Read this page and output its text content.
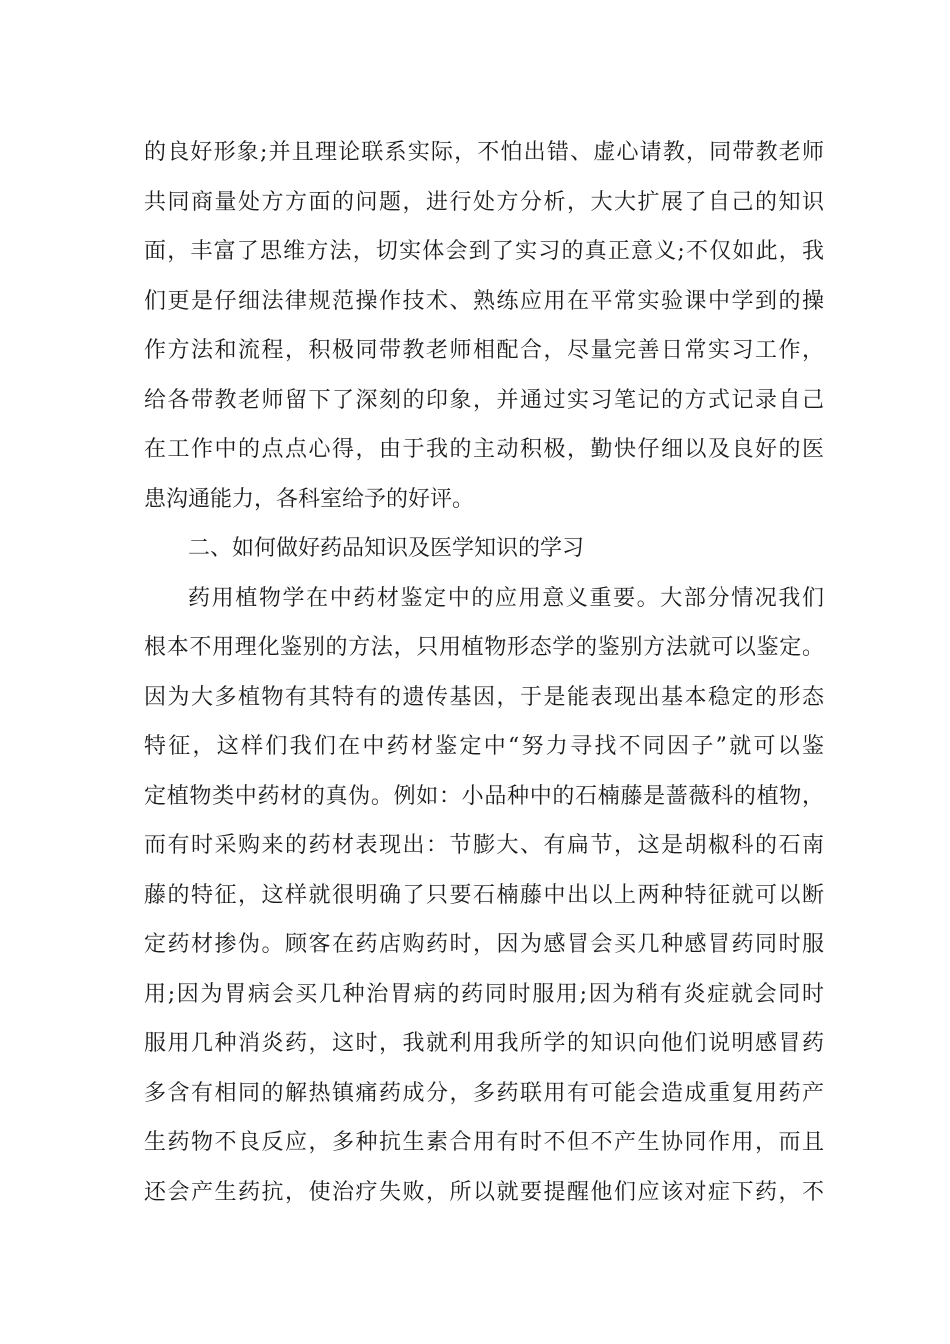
的良好形象;并且理论联系实际，不怕出错、虚心请教，同带教老师
共同商量处方方面的问题，进行处方分析，大大扩展了自己的知识
面，丰富了思维方法，切实体会到了实习的真正意义;不仅如此，我
们更是仔细法律规范操作技术、熟练应用在平常实验课中学到的操
作方法和流程，积极同带教老师相配合，尽量完善日常实习工作，
给各带教老师留下了深刻的印象，并通过实习笔记的方式记录自己
在工作中的点点心得，由于我的主动积极，勤快仔细以及良好的医
患沟通能力，各科室给予的好评。
二、如何做好药品知识及医学知识的学习
药用植物学在中药材鉴定中的应用意义重要。大部分情况我们
根本不用理化鉴别的方法，只用植物形态学的鉴别方法就可以鉴定。
因为大多植物有其特有的遗传基因，于是能表现出基本稳定的形态
特征，这样们我们在中药材鉴定中“努力寻找不同因子”就可以鉴
定植物类中药材的真伪。例如：小品种中的石楠藤是蔷薇科的植物，
而有时采购来的药材表现出：节膨大、有扁节，这是胡椒科的石南
藤的特征，这样就很明确了只要石楠藤中出以上两种特征就可以断
定药材掺伪。顾客在药店购药时，因为感冒会买几种感冒药同时服
用;因为胃病会买几种治胃病的药同时服用;因为稍有炎症就会同时
服用几种消炎药，这时，我就利用我所学的知识向他们说明感冒药
多含有相同的解热镇痛药成分，多药联用有可能会造成重复用药产
生药物不良反应，多种抗生素合用有时不但不产生协同作用，而且
还会产生药抗，使治疗失败，所以就要提醒他们应该对症下药，不
